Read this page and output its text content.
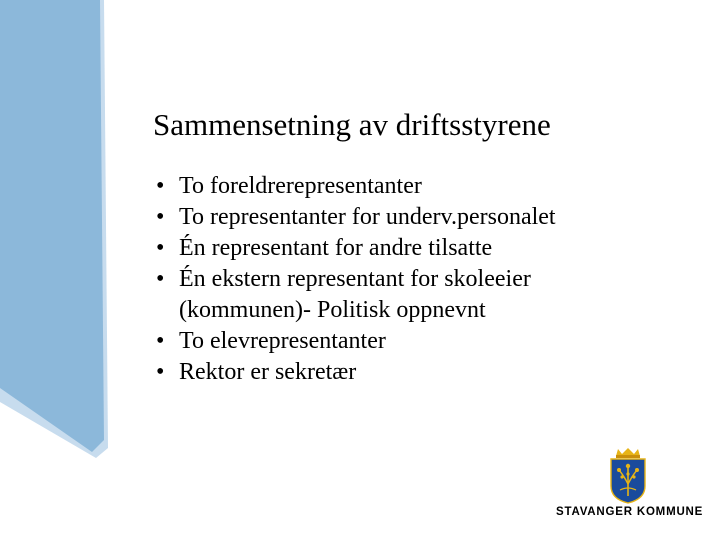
Sammensetning av driftsstyrene
• To foreldrerepresentanter
• To representanter for underv.personalet
• Én representant for andre tilsatte
• Én ekstern representant for skoleeier
(kommunen)- Politisk oppnevnt
• To elevrepresentanter
• Rektor er sekretær
STAVANGER KOMMUNE
